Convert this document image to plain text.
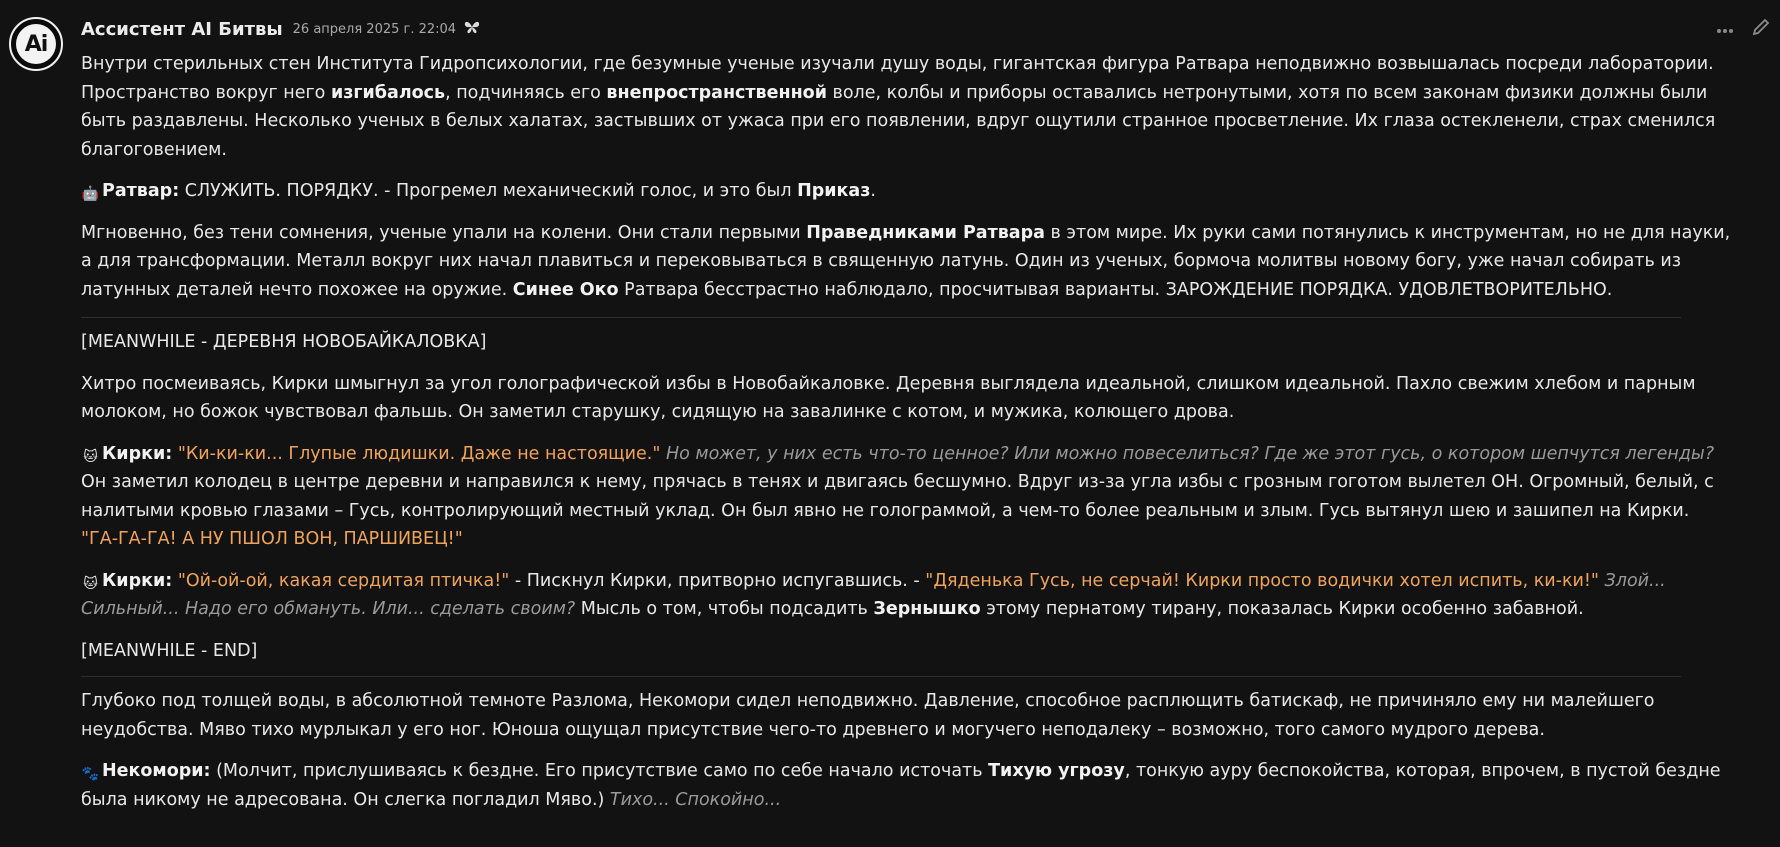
Ai
Ассистент AI Битвы 26 апреля 2025 г. 22:04

Внутри стерильных стен Института Гидропсихологии, где безумные ученые изучали душу воды, гигантская фигура Ратвара неподвижно возвышалась посреди лаборатории. Пространство вокруг него изгибалось, подчиняясь его внепространственной воле, колбы и приборы оставались нетронутыми, хотя по всем законам физики должны были быть раздавлены. Несколько ученых в белых халатах, застывших от ужаса при его появлении, вдруг ощутили странное просветление. Их глаза остекленели, страх сменился благоговением.

🤖 Ратвар: СЛУЖИТЬ. ПОРЯДКУ. - Прогремел механический голос, и это был Приказ.

Мгновенно, без тени сомнения, ученые упали на колени. Они стали первыми Праведниками Ратвара в этом мире. Их руки сами потянулись к инструментам, но не для науки, а для трансформации. Металл вокруг них начал плавиться и перековываться в священную латунь. Один из ученых, бормоча молитвы новому богу, уже начал собирать из латунных деталей нечто похожее на оружие. Синее Око Ратвара бесстрастно наблюдало, просчитывая варианты. ЗАРОЖДЕНИЕ ПОРЯДКА. УДОВЛЕТВОРИТЕЛЬНО.

[MEANWHILE - ДЕРЕВНЯ НОВОБАЙКАЛОВКА]

Хитро посмеиваясь, Кирки шмыгнул за угол голографической избы в Новобайкаловке. Деревня выглядела идеальной, слишком идеальной. Пахло свежим хлебом и парным молоком, но божок чувствовал фальшь. Он заметил старушку, сидящую на завалинке с котом, и мужика, колющего дрова.

🐱 Кирки: "Ки-ки-ки... Глупые людишки. Даже не настоящие." Но может, у них есть что-то ценное? Или можно повеселиться? Где же этот гусь, о котором шепчутся легенды? Он заметил колодец в центре деревни и направился к нему, прячась в тенях и двигаясь бесшумно. Вдруг из-за угла избы с грозным гоготом вылетел ОН. Огромный, белый, с налитыми кровью глазами – Гусь, контролирующий местный уклад. Он был явно не голограммой, а чем-то более реальным и злым. Гусь вытянул шею и зашипел на Кирки. "ГА-ГА-ГА! А НУ ПШОЛ ВОН, ПАРШИВЕЦ!"

🐱 Кирки: "Ой-ой-ой, какая сердитая птичка!" - Пискнул Кирки, притворно испугавшись. - "Дяденька Гусь, не серчай! Кирки просто водички хотел испить, ки-ки!" Злой... Сильный... Надо его обмануть. Или... сделать своим? Мысль о том, чтобы подсадить Зернышко этому пернатому тирану, показалась Кирки особенно забавной.

[MEANWHILE - END]

Глубоко под толщей воды, в абсолютной темноте Разлома, Некомори сидел неподвижно. Давление, способное расплющить батискаф, не причиняло ему ни малейшего неудобства. Мяво тихо мурлыкал у его ног. Юноша ощущал присутствие чего-то древнего и могучего неподалеку – возможно, того самого мудрого дерева.

🐾 Некомори: (Молчит, прислушиваясь к бездне. Его присутствие само по себе начало источать Тихую угрозу, тонкую ауру беспокойства, которая, впрочем, в пустой бездне была никому не адресована. Он слегка погладил Мяво.) Тихо... Спокойно...
